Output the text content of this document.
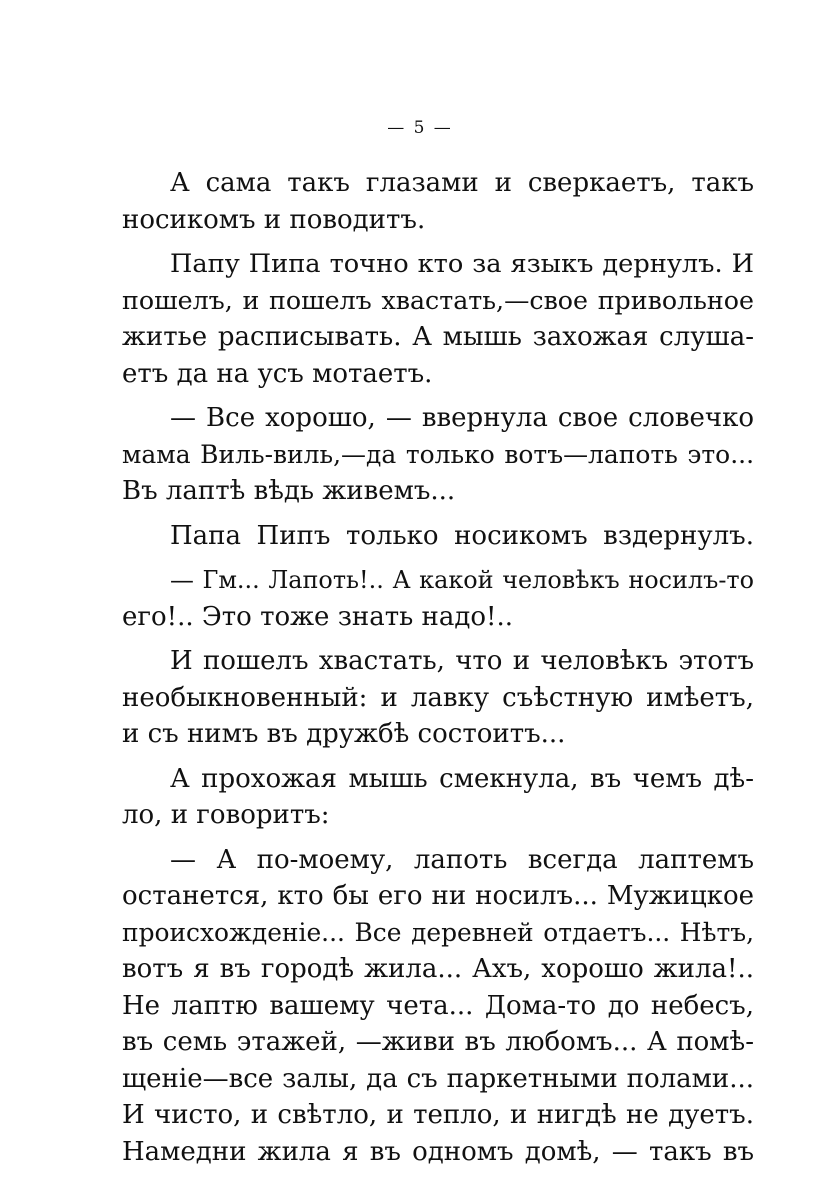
— 5 —
А сама такъ глазами и сверкаетъ, такъ
носикомъ и поводитъ.
Папу Пипа точно кто за языкъ дернулъ. И
пошелъ, и пошелъ хвастать,—свое привольное
житье расписывать. А мышь захожая слуша-
етъ да на усъ мотаетъ.
— Все хорошо, — ввернула свое словечко
мама Виль-виль,—да только вотъ—лапоть это...
Въ лаптѣ вѣдь живемъ...
Папа Пипъ только носикомъ вздернулъ.
— Гм... Лапоть!.. А какой человѣкъ носилъ-то
его!.. Это тоже знать надо!..
И пошелъ хвастать, что и человѣкъ этотъ
необыкновенный: и лавку съѣстную имѣетъ,
и съ нимъ въ дружбѣ состоитъ...
А прохожая мышь смекнула, въ чемъ дѣ-
ло, и говоритъ:
— А по-моему, лапоть всегда лаптемъ
останется, кто бы его ни носилъ... Мужицкое
происхожденіе... Все деревней отдаетъ... Нѣтъ,
вотъ я въ городѣ жила... Ахъ, хорошо жила!..
Не лаптю вашему чета... Дома-то до небесъ,
въ семь этажей, —живи въ любомъ... А помѣ-
щеніе—все залы, да съ паркетными полами...
И чисто, и свѣтло, и тепло, и нигдѣ не дуетъ.
Намедни жила я въ одномъ домѣ, — такъ въ
